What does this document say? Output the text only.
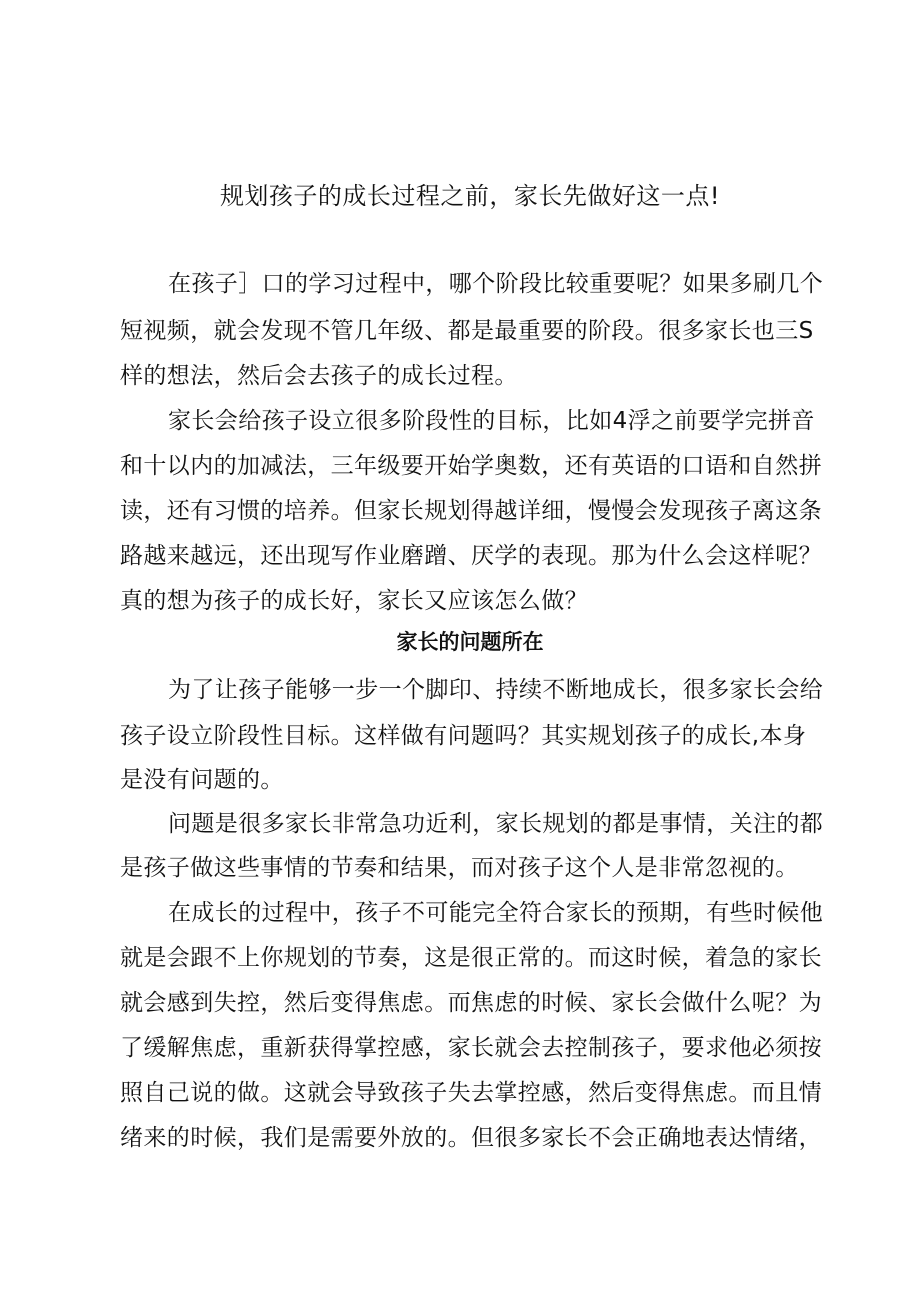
规划孩子的成长过程之前，家长先做好这一点!
在孩子］口的学习过程中，哪个阶段比较重要呢？如果多刷几个
短视频，就会发现不管几年级、都是最重要的阶段。很多家长也三S
样的想法，然后会去孩子的成长过程。
家长会给孩子设立很多阶段性的目标，比如4浮之前要学完拼音
和十以内的加减法，三年级要开始学奥数，还有英语的口语和自然拼
读，还有习惯的培养。但家长规划得越详细，慢慢会发现孩子离这条
路越来越远，还出现写作业磨蹭、厌学的表现。那为什么会这样呢？
真的想为孩子的成长好，家长又应该怎么做？
家长的问题所在
为了让孩子能够一步一个脚印、持续不断地成长，很多家长会给
孩子设立阶段性目标。这样做有问题吗？其实规划孩子的成长,本身
是没有问题的。
问题是很多家长非常急功近利，家长规划的都是事情，关注的都
是孩子做这些事情的节奏和结果，而对孩子这个人是非常忽视的。
在成长的过程中，孩子不可能完全符合家长的预期，有些时候他
就是会跟不上你规划的节奏，这是很正常的。而这时候，着急的家长
就会感到失控，然后变得焦虑。而焦虑的时候、家长会做什么呢？为
了缓解焦虑，重新获得掌控感，家长就会去控制孩子，要求他必须按
照自己说的做。这就会导致孩子失去掌控感，然后变得焦虑。而且情
绪来的时候，我们是需要外放的。但很多家长不会正确地表达情绪，
